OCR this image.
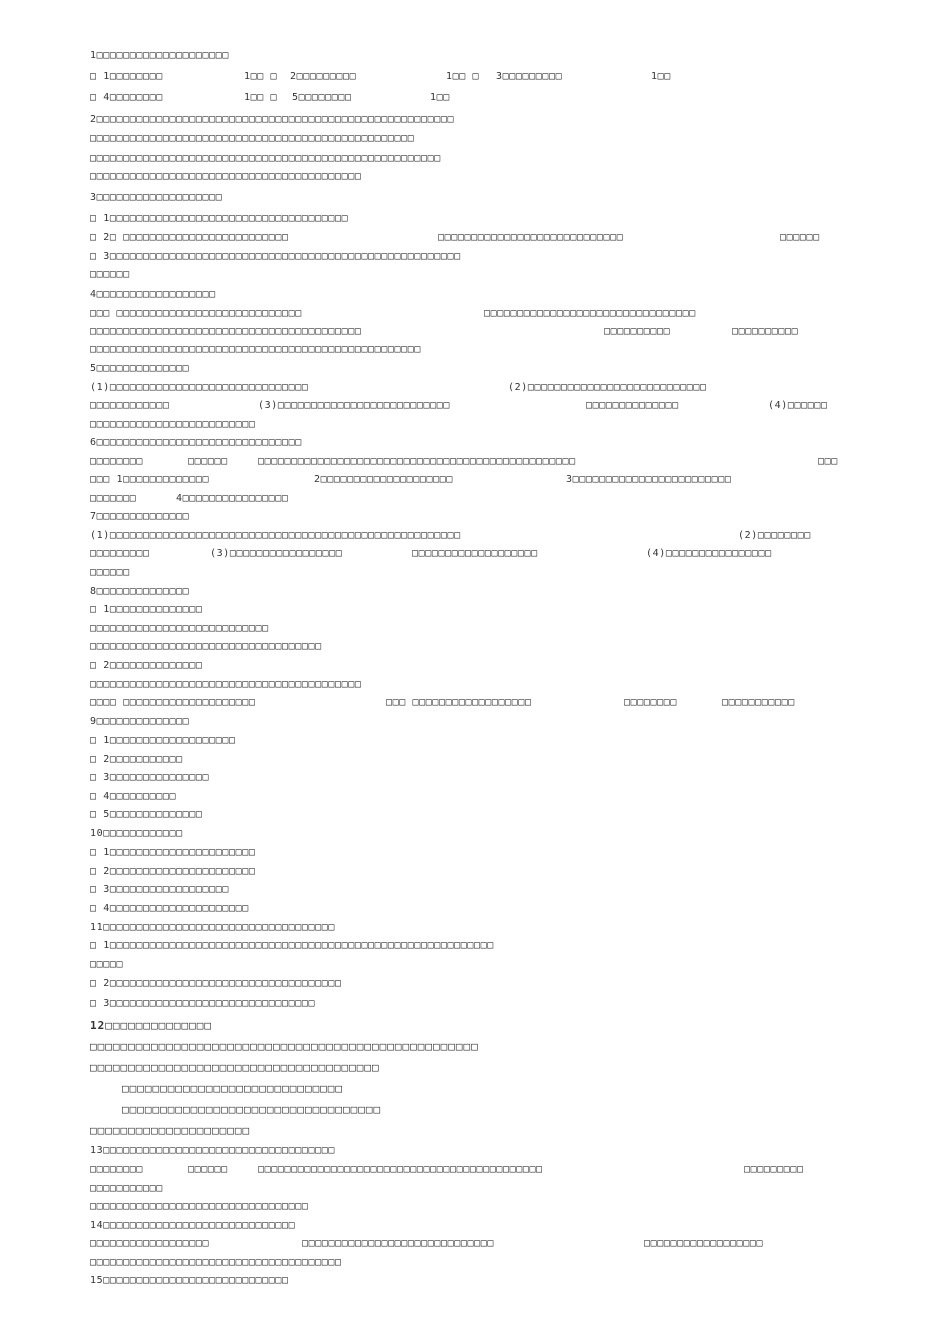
1□□□□□□□□□□□□□□□□□□□□
□ 1□□□□□□□□	1□□ □ 2□□□□□□□□□	1□□ □ 3□□□□□□□□□	1□□
□ 4□□□□□□□□	1□□ □ 5□□□□□□□□	1□□
2□□□□□□□□□□□□□□□□□□□□□□□□□□□□□□□□□□□□□□□□□□□□□□□□□□□□□□
□□□□□□□□□□□□□□□□□□□□□□□□□□□□□□□□□□□□□□□□□□□□□□□□□
□□□□□□□□□□□□□□□□□□□□□□□□□□□□□□□□□□□□□□□□□□□□□□□□□□□□□
□□□□□□□□□□□□□□□□□□□□□□□□□□□□□□□□□□□□□□□□□
3□□□□□□□□□□□□□□□□□□□
□ 1□□□□□□□□□□□□□□□□□□□□□□□□□□□□□□□□□□□□
□ 2□ □□□□□□□□□□□□□□□□□□□□□□□□□	□□□□□□□□□□□□□□□□□□□□□□□□□□□□	□□□□□□
□ 3□□□□□□□□□□□□□□□□□□□□□□□□□□□□□□□□□□□□□□□□□□□□□□□□□□□□□
□□□□□□
4□□□□□□□□□□□□□□□□□□
□□□ □□□□□□□□□□□□□□□□□□□□□□□□□□□□	□□□□□□□□□□□□□□□□□□□□□□□□□□□□□□□□
□□□□□□□□□□□□□□□□□□□□□□□□□□□□□□□□□□□□□□□□□	□□□□□□□□□□	□□□□□□□□□□
□□□□□□□□□□□□□□□□□□□□□□□□□□□□□□□□□□□□□□□□□□□□□□□□□□
5□□□□□□□□□□□□□□
(1)□□□□□□□□□□□□□□□□□□□□□□□□□□□□□□	(2)□□□□□□□□□□□□□□□□□□□□□□□□□□□
□□□□□□□□□□□□	(3)□□□□□□□□□□□□□□□□□□□□□□□□□□	□□□□□□□□□□□□□□	(4)□□□□□□
□□□□□□□□□□□□□□□□□□□□□□□□□
6□□□□□□□□□□□□□□□□□□□□□□□□□□□□□□□
□□□□□□□□	□□□□□□	□□□□□□□□□□□□□□□□□□□□□□□□□□□□□□□□□□□□□□□□□□□□□□□□	□□□
□□□ 1□□□□□□□□□□□□□	2□□□□□□□□□□□□□□□□□□□□	3□□□□□□□□□□□□□□□□□□□□□□□□
□□□□□□□	4□□□□□□□□□□□□□□□□
7□□□□□□□□□□□□□□
(1)□□□□□□□□□□□□□□□□□□□□□□□□□□□□□□□□□□□□□□□□□□□□□□□□□□□□□	(2)□□□□□□□□
□□□□□□□□□	(3)□□□□□□□□□□□□□□□□□	□□□□□□□□□□□□□□□□□□□	(4)□□□□□□□□□□□□□□□□
□□□□□□
8□□□□□□□□□□□□□□
□ 1□□□□□□□□□□□□□□
□□□□□□□□□□□□□□□□□□□□□□□□□□□
□□□□□□□□□□□□□□□□□□□□□□□□□□□□□□□□□□□
□ 2□□□□□□□□□□□□□□
□□□□□□□□□□□□□□□□□□□□□□□□□□□□□□□□□□□□□□□□□
□□□□ □□□□□□□□□□□□□□□□□□□□	□□□ □□□□□□□□□□□□□□□□□□	□□□□□□□□	□□□□□□□□□□□
9□□□□□□□□□□□□□□
□ 1□□□□□□□□□□□□□□□□□□□
□ 2□□□□□□□□□□□
□ 3□□□□□□□□□□□□□□□
□ 4□□□□□□□□□□
□ 5□□□□□□□□□□□□□□
10□□□□□□□□□□□□
□ 1□□□□□□□□□□□□□□□□□□□□□□
□ 2□□□□□□□□□□□□□□□□□□□□□□
□ 3□□□□□□□□□□□□□□□□□□
□ 4□□□□□□□□□□□□□□□□□□□□□
11□□□□□□□□□□□□□□□□□□□□□□□□□□□□□□□□□□□
□ 1□□□□□□□□□□□□□□□□□□□□□□□□□□□□□□□□□□□□□□□□□□□□□□□□□□□□□□□□□□
□□□□□
□ 2□□□□□□□□□□□□□□□□□□□□□□□□□□□□□□□□□□□
□ 3□□□□□□□□□□□□□□□□□□□□□□□□□□□□□□□
12□□□□□□□□□□□□□□
□□□□□□□□□□□□□□□□□□□□□□□□□□□□□□□□□□□□□□□□□□□□□□□□□□□
□□□□□□□□□□□□□□□□□□□□□□□□□□□□□□□□□□□□□□
□□□□□□□□□□□□□□□□□□□□□□□□□□□□□
□□□□□□□□□□□□□□□□□□□□□□□□□□□□□□□□□□
□□□□□□□□□□□□□□□□□□□□□
13□□□□□□□□□□□□□□□□□□□□□□□□□□□□□□□□□□□
□□□□□□□□	□□□□□□	□□□□□□□□□□□□□□□□□□□□□□□□□□□□□□□□□□□□□□□□□□□	□□□□□□□□□
□□□□□□□□□□□
□□□□□□□□□□□□□□□□□□□□□□□□□□□□□□□□□
14□□□□□□□□□□□□□□□□□□□□□□□□□□□□□
□□□□□□□□□□□□□□□□□□	□□□□□□□□□□□□□□□□□□□□□□□□□□□□□	□□□□□□□□□□□□□□□□□□
□□□□□□□□□□□□□□□□□□□□□□□□□□□□□□□□□□□□□□
15□□□□□□□□□□□□□□□□□□□□□□□□□□□□
